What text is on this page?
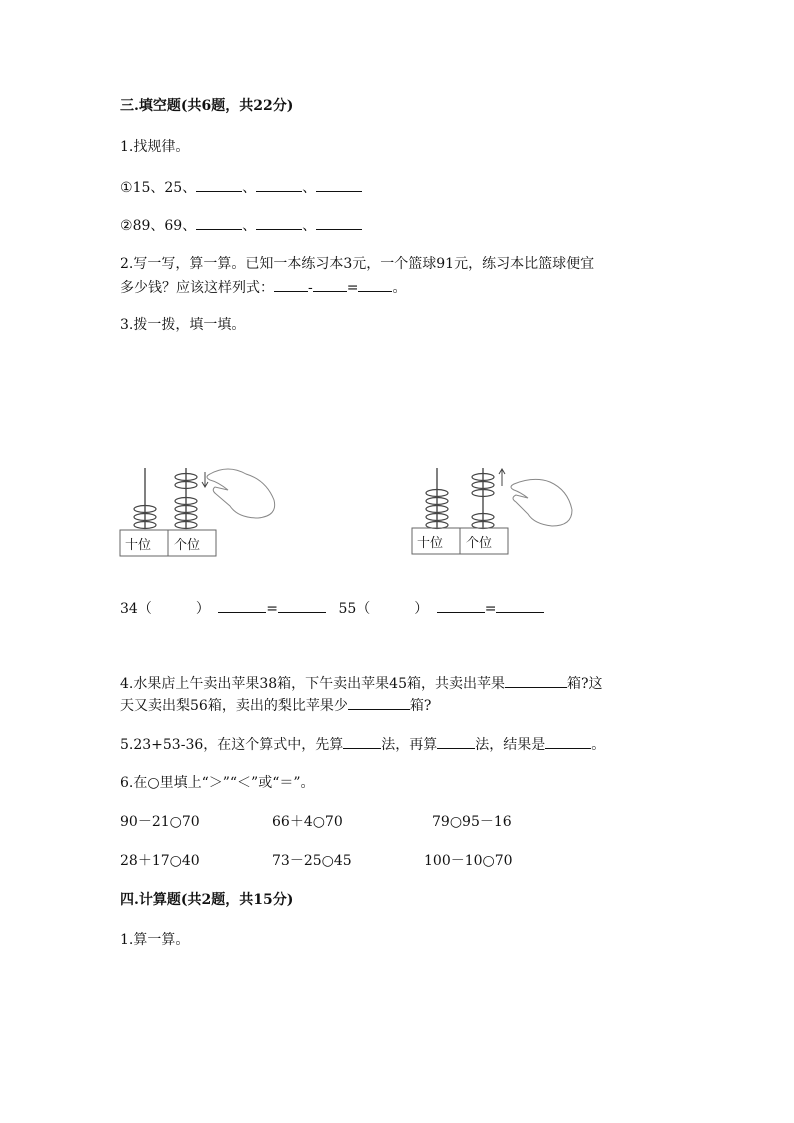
三.填空题(共6题，共22分)
1.找规律。
①15、25、	、	、
②89、69、	、	、
2.写一写，算一算。已知一本练习本3元，一个篮球91元，练习本比篮球便宜
多少钱？应该这样列式： - = 。
3.拨一拨，填一填。
十位 个位	十位 个位
34（	）	=	55（	）	=
4.水果店上午卖出苹果38箱，下午卖出苹果45箱，共卖出苹果	箱?这
天又卖出梨56箱，卖出的梨比苹果少	箱?
5.23+53-36，在这个算式中，先算	法，再算	法，结果是	。
6.在○里填上“＞”“＜”或“＝”。
90－21○70	66＋4○70	79○95－16
28＋17○40	73－25○45	100－10○70
四.计算题(共2题，共15分)
1.算一算。
